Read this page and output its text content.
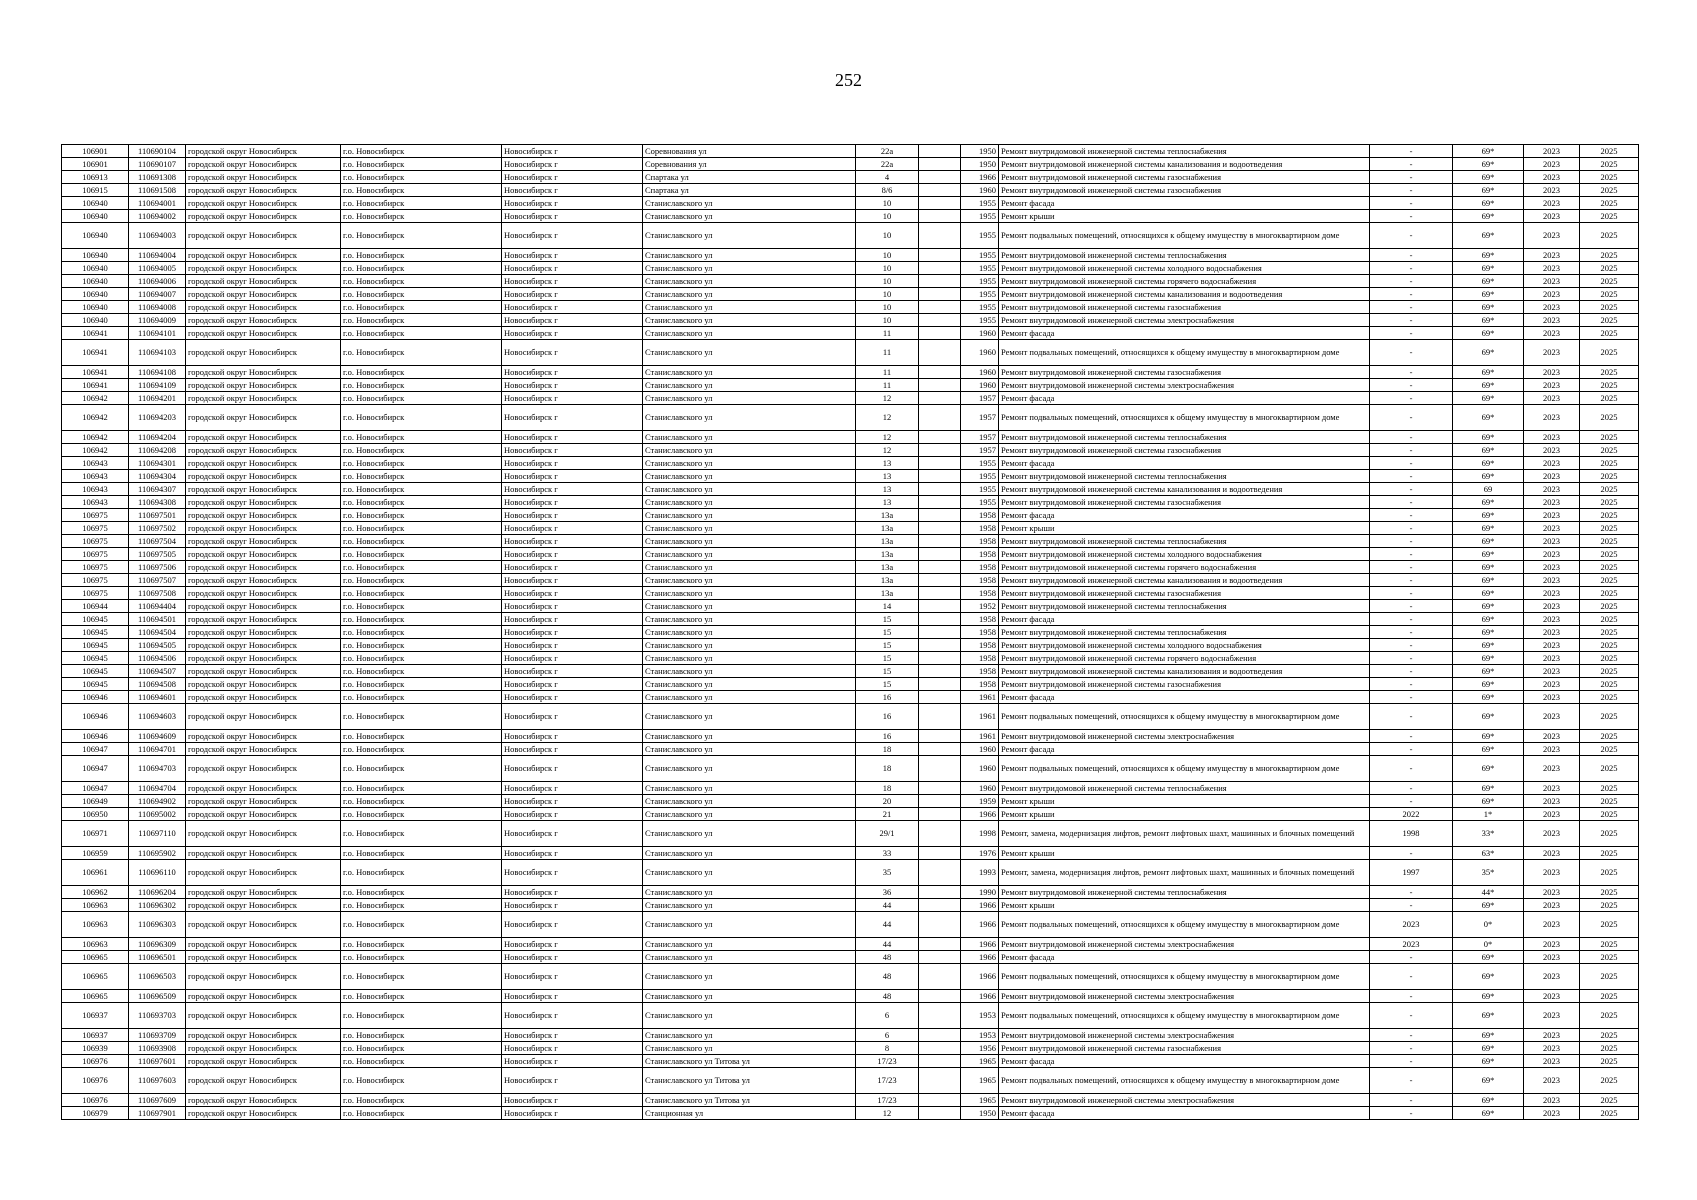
252
106901	110690104	городской округ Новосибирск	г.о. Новосибирск	Новосибирск г	Соревнования ул	22а		1950	Ремонт внутридомовой инженерной системы теплоснабжения	-	69*	2023	2025
106901	110690107	городской округ Новосибирск	г.о. Новосибирск	Новосибирск г	Соревнования ул	22а		1950	Ремонт внутридомовой инженерной системы канализования и водоотведения	-	69*	2023	2025
106913	110691308	городской округ Новосибирск	г.о. Новосибирск	Новосибирск г	Спартака ул	4		1966	Ремонт внутридомовой инженерной системы газоснабжения	-	69*	2023	2025
106915	110691508	городской округ Новосибирск	г.о. Новосибирск	Новосибирск г	Спартака ул	8/6		1960	Ремонт внутридомовой инженерной системы газоснабжения	-	69*	2023	2025
106940	110694001	городской округ Новосибирск	г.о. Новосибирск	Новосибирск г	Станиславского ул	10		1955	Ремонт фасада	-	69*	2023	2025
106940	110694002	городской округ Новосибирск	г.о. Новосибирск	Новосибирск г	Станиславского ул	10		1955	Ремонт крыши	-	69*	2023	2025
106940	110694003	городской округ Новосибирск	г.о. Новосибирск	Новосибирск г	Станиславского ул	10		1955	Ремонт подвальных помещений, относящихся к общему имуществу в многоквартирном доме	-	69*	2023	2025
106940	110694004	городской округ Новосибирск	г.о. Новосибирск	Новосибирск г	Станиславского ул	10		1955	Ремонт внутридомовой инженерной системы теплоснабжения	-	69*	2023	2025
106940	110694005	городской округ Новосибирск	г.о. Новосибирск	Новосибирск г	Станиславского ул	10		1955	Ремонт внутридомовой инженерной системы холодного водоснабжения	-	69*	2023	2025
106940	110694006	городской округ Новосибирск	г.о. Новосибирск	Новосибирск г	Станиславского ул	10		1955	Ремонт внутридомовой инженерной системы горячего водоснабжения	-	69*	2023	2025
106940	110694007	городской округ Новосибирск	г.о. Новосибирск	Новосибирск г	Станиславского ул	10		1955	Ремонт внутридомовой инженерной системы канализования и водоотведения	-	69*	2023	2025
106940	110694008	городской округ Новосибирск	г.о. Новосибирск	Новосибирск г	Станиславского ул	10		1955	Ремонт внутридомовой инженерной системы газоснабжения	-	69*	2023	2025
106940	110694009	городской округ Новосибирск	г.о. Новосибирск	Новосибирск г	Станиславского ул	10		1955	Ремонт внутридомовой инженерной системы электроснабжения	-	69*	2023	2025
106941	110694101	городской округ Новосибирск	г.о. Новосибирск	Новосибирск г	Станиславского ул	11		1960	Ремонт фасада	-	69*	2023	2025
106941	110694103	городской округ Новосибирск	г.о. Новосибирск	Новосибирск г	Станиславского ул	11		1960	Ремонт подвальных помещений, относящихся к общему имуществу в многоквартирном доме	-	69*	2023	2025
106941	110694108	городской округ Новосибирск	г.о. Новосибирск	Новосибирск г	Станиславского ул	11		1960	Ремонт внутридомовой инженерной системы газоснабжения	-	69*	2023	2025
106941	110694109	городской округ Новосибирск	г.о. Новосибирск	Новосибирск г	Станиславского ул	11		1960	Ремонт внутридомовой инженерной системы электроснабжения	-	69*	2023	2025
106942	110694201	городской округ Новосибирск	г.о. Новосибирск	Новосибирск г	Станиславского ул	12		1957	Ремонт фасада	-	69*	2023	2025
106942	110694203	городской округ Новосибирск	г.о. Новосибирск	Новосибирск г	Станиславского ул	12		1957	Ремонт подвальных помещений, относящихся к общему имуществу в многоквартирном доме	-	69*	2023	2025
106942	110694204	городской округ Новосибирск	г.о. Новосибирск	Новосибирск г	Станиславского ул	12		1957	Ремонт внутридомовой инженерной системы теплоснабжения	-	69*	2023	2025
106942	110694208	городской округ Новосибирск	г.о. Новосибирск	Новосибирск г	Станиславского ул	12		1957	Ремонт внутридомовой инженерной системы газоснабжения	-	69*	2023	2025
106943	110694301	городской округ Новосибирск	г.о. Новосибирск	Новосибирск г	Станиславского ул	13		1955	Ремонт фасада	-	69*	2023	2025
106943	110694304	городской округ Новосибирск	г.о. Новосибирск	Новосибирск г	Станиславского ул	13		1955	Ремонт внутридомовой инженерной системы теплоснабжения	-	69*	2023	2025
106943	110694307	городской округ Новосибирск	г.о. Новосибирск	Новосибирск г	Станиславского ул	13		1955	Ремонт внутридомовой инженерной системы канализования и водоотведения	-	69	2023	2025
106943	110694308	городской округ Новосибирск	г.о. Новосибирск	Новосибирск г	Станиславского ул	13		1955	Ремонт внутридомовой инженерной системы газоснабжения	-	69*	2023	2025
106975	110697501	городской округ Новосибирск	г.о. Новосибирск	Новосибирск г	Станиславского ул	13а		1958	Ремонт фасада	-	69*	2023	2025
106975	110697502	городской округ Новосибирск	г.о. Новосибирск	Новосибирск г	Станиславского ул	13а		1958	Ремонт крыши	-	69*	2023	2025
106975	110697504	городской округ Новосибирск	г.о. Новосибирск	Новосибирск г	Станиславского ул	13а		1958	Ремонт внутридомовой инженерной системы теплоснабжения	-	69*	2023	2025
106975	110697505	городской округ Новосибирск	г.о. Новосибирск	Новосибирск г	Станиславского ул	13а		1958	Ремонт внутридомовой инженерной системы холодного водоснабжения	-	69*	2023	2025
106975	110697506	городской округ Новосибирск	г.о. Новосибирск	Новосибирск г	Станиславского ул	13а		1958	Ремонт внутридомовой инженерной системы горячего водоснабжения	-	69*	2023	2025
106975	110697507	городской округ Новосибирск	г.о. Новосибирск	Новосибирск г	Станиславского ул	13а		1958	Ремонт внутридомовой инженерной системы канализования и водоотведения	-	69*	2023	2025
106975	110697508	городской округ Новосибирск	г.о. Новосибирск	Новосибирск г	Станиславского ул	13а		1958	Ремонт внутридомовой инженерной системы газоснабжения	-	69*	2023	2025
106944	110694404	городской округ Новосибирск	г.о. Новосибирск	Новосибирск г	Станиславского ул	14		1952	Ремонт внутридомовой инженерной системы теплоснабжения	-	69*	2023	2025
106945	110694501	городской округ Новосибирск	г.о. Новосибирск	Новосибирск г	Станиславского ул	15		1958	Ремонт фасада	-	69*	2023	2025
106945	110694504	городской округ Новосибирск	г.о. Новосибирск	Новосибирск г	Станиславского ул	15		1958	Ремонт внутридомовой инженерной системы теплоснабжения	-	69*	2023	2025
106945	110694505	городской округ Новосибирск	г.о. Новосибирск	Новосибирск г	Станиславского ул	15		1958	Ремонт внутридомовой инженерной системы холодного водоснабжения	-	69*	2023	2025
106945	110694506	городской округ Новосибирск	г.о. Новосибирск	Новосибирск г	Станиславского ул	15		1958	Ремонт внутридомовой инженерной системы горячего водоснабжения	-	69*	2023	2025
106945	110694507	городской округ Новосибирск	г.о. Новосибирск	Новосибирск г	Станиславского ул	15		1958	Ремонт внутридомовой инженерной системы канализования и водоотведения	-	69*	2023	2025
106945	110694508	городской округ Новосибирск	г.о. Новосибирск	Новосибирск г	Станиславского ул	15		1958	Ремонт внутридомовой инженерной системы газоснабжения	-	69*	2023	2025
106946	110694601	городской округ Новосибирск	г.о. Новосибирск	Новосибирск г	Станиславского ул	16		1961	Ремонт фасада	-	69*	2023	2025
106946	110694603	городской округ Новосибирск	г.о. Новосибирск	Новосибирск г	Станиславского ул	16		1961	Ремонт подвальных помещений, относящихся к общему имуществу в многоквартирном доме	-	69*	2023	2025
106946	110694609	городской округ Новосибирск	г.о. Новосибирск	Новосибирск г	Станиславского ул	16		1961	Ремонт внутридомовой инженерной системы электроснабжения	-	69*	2023	2025
106947	110694701	городской округ Новосибирск	г.о. Новосибирск	Новосибирск г	Станиславского ул	18		1960	Ремонт фасада	-	69*	2023	2025
106947	110694703	городской округ Новосибирск	г.о. Новосибирск	Новосибирск г	Станиславского ул	18		1960	Ремонт подвальных помещений, относящихся к общему имуществу в многоквартирном доме	-	69*	2023	2025
106947	110694704	городской округ Новосибирск	г.о. Новосибирск	Новосибирск г	Станиславского ул	18		1960	Ремонт внутридомовой инженерной системы теплоснабжения	-	69*	2023	2025
106949	110694902	городской округ Новосибирск	г.о. Новосибирск	Новосибирск г	Станиславского ул	20		1959	Ремонт крыши	-	69*	2023	2025
106950	110695002	городской округ Новосибирск	г.о. Новосибирск	Новосибирск г	Станиславского ул	21		1966	Ремонт крыши	2022	1*	2023	2025
106971	110697110	городской округ Новосибирск	г.о. Новосибирск	Новосибирск г	Станиславского ул	29/1		1998	Ремонт, замена, модернизация лифтов, ремонт лифтовых шахт, машинных и блочных помещений	1998	33*	2023	2025
106959	110695902	городской округ Новосибирск	г.о. Новосибирск	Новосибирск г	Станиславского ул	33		1976	Ремонт крыши	-	63*	2023	2025
106961	110696110	городской округ Новосибирск	г.о. Новосибирск	Новосибирск г	Станиславского ул	35		1993	Ремонт, замена, модернизация лифтов, ремонт лифтовых шахт, машинных и блочных помещений	1997	35*	2023	2025
106962	110696204	городской округ Новосибирск	г.о. Новосибирск	Новосибирск г	Станиславского ул	36		1990	Ремонт внутридомовой инженерной системы теплоснабжения	-	44*	2023	2025
106963	110696302	городской округ Новосибирск	г.о. Новосибирск	Новосибирск г	Станиславского ул	44		1966	Ремонт крыши	-	69*	2023	2025
106963	110696303	городской округ Новосибирск	г.о. Новосибирск	Новосибирск г	Станиславского ул	44		1966	Ремонт подвальных помещений, относящихся к общему имуществу в многоквартирном доме	2023	0*	2023	2025
106963	110696309	городской округ Новосибирск	г.о. Новосибирск	Новосибирск г	Станиславского ул	44		1966	Ремонт внутридомовой инженерной системы электроснабжения	2023	0*	2023	2025
106965	110696501	городской округ Новосибирск	г.о. Новосибирск	Новосибирск г	Станиславского ул	48		1966	Ремонт фасада	-	69*	2023	2025
106965	110696503	городской округ Новосибирск	г.о. Новосибирск	Новосибирск г	Станиславского ул	48		1966	Ремонт подвальных помещений, относящихся к общему имуществу в многоквартирном доме	-	69*	2023	2025
106965	110696509	городской округ Новосибирск	г.о. Новосибирск	Новосибирск г	Станиславского ул	48		1966	Ремонт внутридомовой инженерной системы электроснабжения	-	69*	2023	2025
106937	110693703	городской округ Новосибирск	г.о. Новосибирск	Новосибирск г	Станиславского ул	6		1953	Ремонт подвальных помещений, относящихся к общему имуществу в многоквартирном доме	-	69*	2023	2025
106937	110693709	городской округ Новосибирск	г.о. Новосибирск	Новосибирск г	Станиславского ул	6		1953	Ремонт внутридомовой инженерной системы электроснабжения	-	69*	2023	2025
106939	110693908	городской округ Новосибирск	г.о. Новосибирск	Новосибирск г	Станиславского ул	8		1956	Ремонт внутридомовой инженерной системы газоснабжения	-	69*	2023	2025
106976	110697601	городской округ Новосибирск	г.о. Новосибирск	Новосибирск г	Станиславского ул Титова ул	17/23		1965	Ремонт фасада	-	69*	2023	2025
106976	110697603	городской округ Новосибирск	г.о. Новосибирск	Новосибирск г	Станиславского ул Титова ул	17/23		1965	Ремонт подвальных помещений, относящихся к общему имуществу в многоквартирном доме	-	69*	2023	2025
106976	110697609	городской округ Новосибирск	г.о. Новосибирск	Новосибирск г	Станиславского ул Титова ул	17/23		1965	Ремонт внутридомовой инженерной системы электроснабжения	-	69*	2023	2025
106979	110697901	городской округ Новосибирск	г.о. Новосибирск	Новосибирск г	Станционная ул	12		1950	Ремонт фасада	-	69*	2023	2025
